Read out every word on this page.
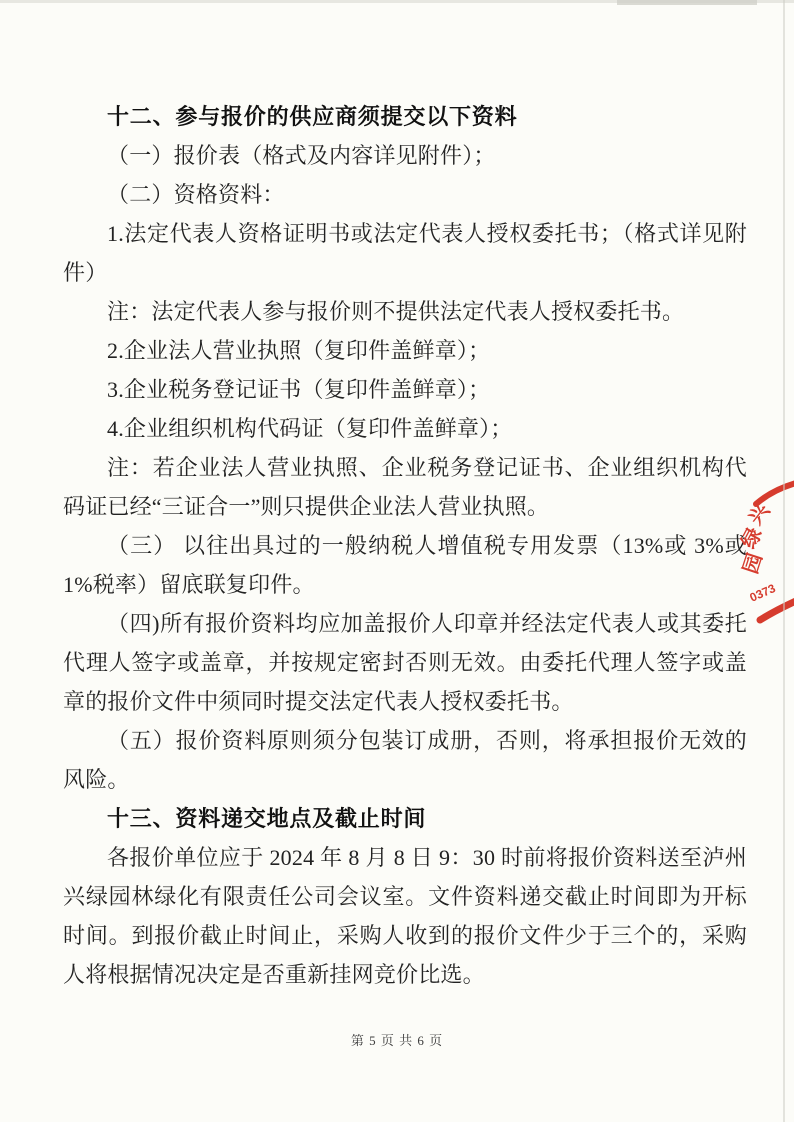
十二、参与报价的供应商须提交以下资料

（一）报价表（格式及内容详见附件）；

（二）资格资料：

1.法定代表人资格证明书或法定代表人授权委托书；（格式详见附件）

注：法定代表人参与报价则不提供法定代表人授权委托书。

2.企业法人营业执照（复印件盖鲜章）；

3.企业税务登记证书（复印件盖鲜章）；

4.企业组织机构代码证（复印件盖鲜章）；

注：若企业法人营业执照、企业税务登记证书、企业组织机构代码证已经“三证合一”则只提供企业法人营业执照。

（三） 以往出具过的一般纳税人增值税专用发票（13%或 3%或 1%税率）留底联复印件。

（四)所有报价资料均应加盖报价人印章并经法定代表人或其委托代理人签字或盖章，并按规定密封否则无效。由委托代理人签字或盖章的报价文件中须同时提交法定代表人授权委托书。

（五）报价资料原则须分包装订成册，否则，将承担报价无效的风险。

十三、资料递交地点及截止时间

各报价单位应于 2024 年 8 月 8 日 9：30 时前将报价资料送至泸州兴绿园林绿化有限责任公司会议室。文件资料递交截止时间即为开标时间。到报价截止时间止，采购人收到的报价文件少于三个的，采购人将根据情况决定是否重新挂网竞价比选。

兴
绿
园
0373
第 5 页 共 6 页
